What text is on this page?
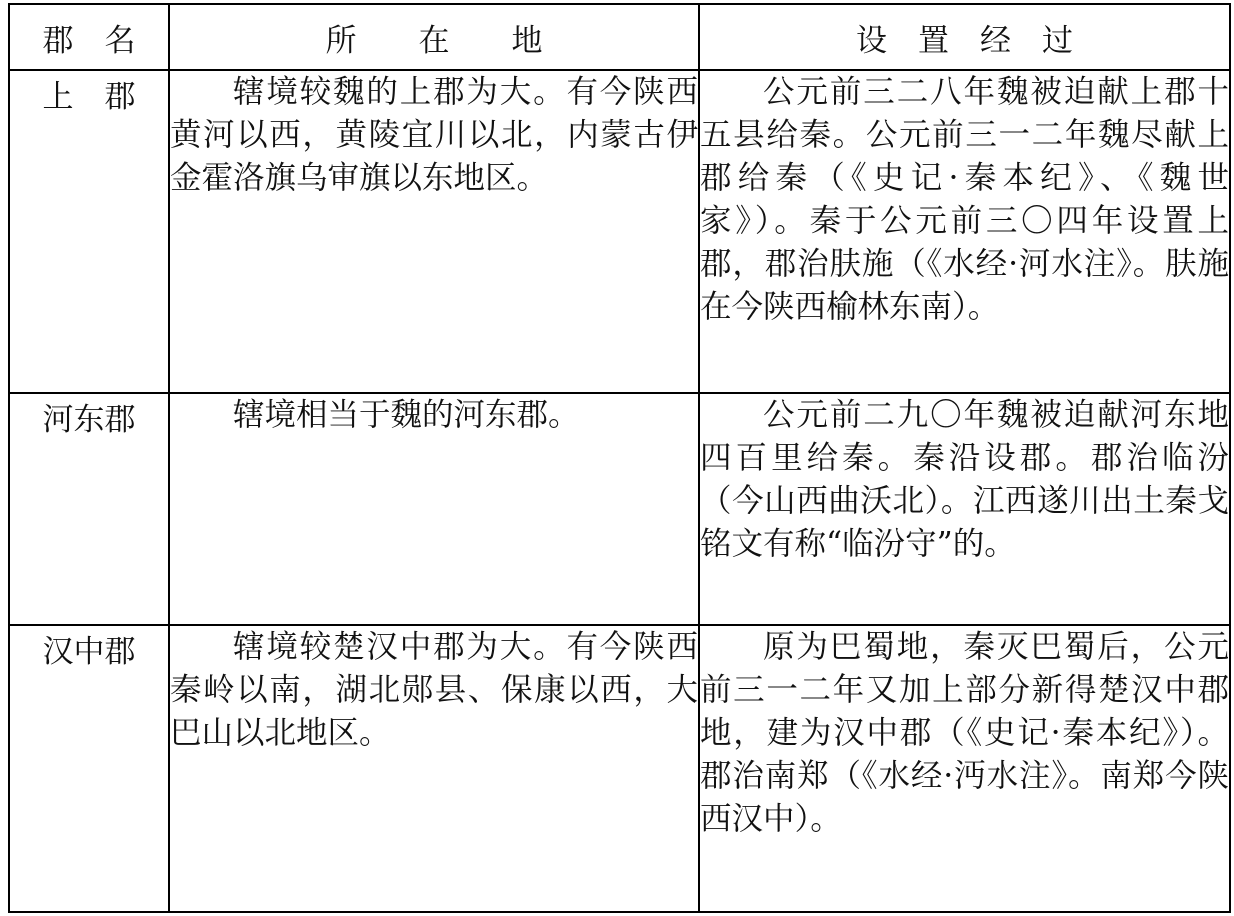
郡　名	所　　在　　地	设　置　经　过
上　郡	辖境较魏的上郡为大。有今陕西黄河以西，黄陵宜川以北，内蒙古伊金霍洛旗乌审旗以东地区。	公元前三二八年魏被迫献上郡十五县给秦。公元前三一二年魏尽献上郡给秦（《史记·秦本纪》、《魏世家》）。秦于公元前三〇四年设置上郡，郡治肤施（《水经·河水注》。肤施在今陕西榆林东南）。
河东郡	辖境相当于魏的河东郡。	公元前二九〇年魏被迫献河东地四百里给秦。秦沿设郡。郡治临汾（今山西曲沃北）。江西遂川出土秦戈铭文有称“临汾守”的。
汉中郡	辖境较楚汉中郡为大。有今陕西秦岭以南，湖北郧县、保康以西，大巴山以北地区。	原为巴蜀地，秦灭巴蜀后，公元前三一二年又加上部分新得楚汉中郡地，建为汉中郡（《史记·秦本纪》）。郡治南郑（《水经·沔水注》。南郑今陕西汉中）。
